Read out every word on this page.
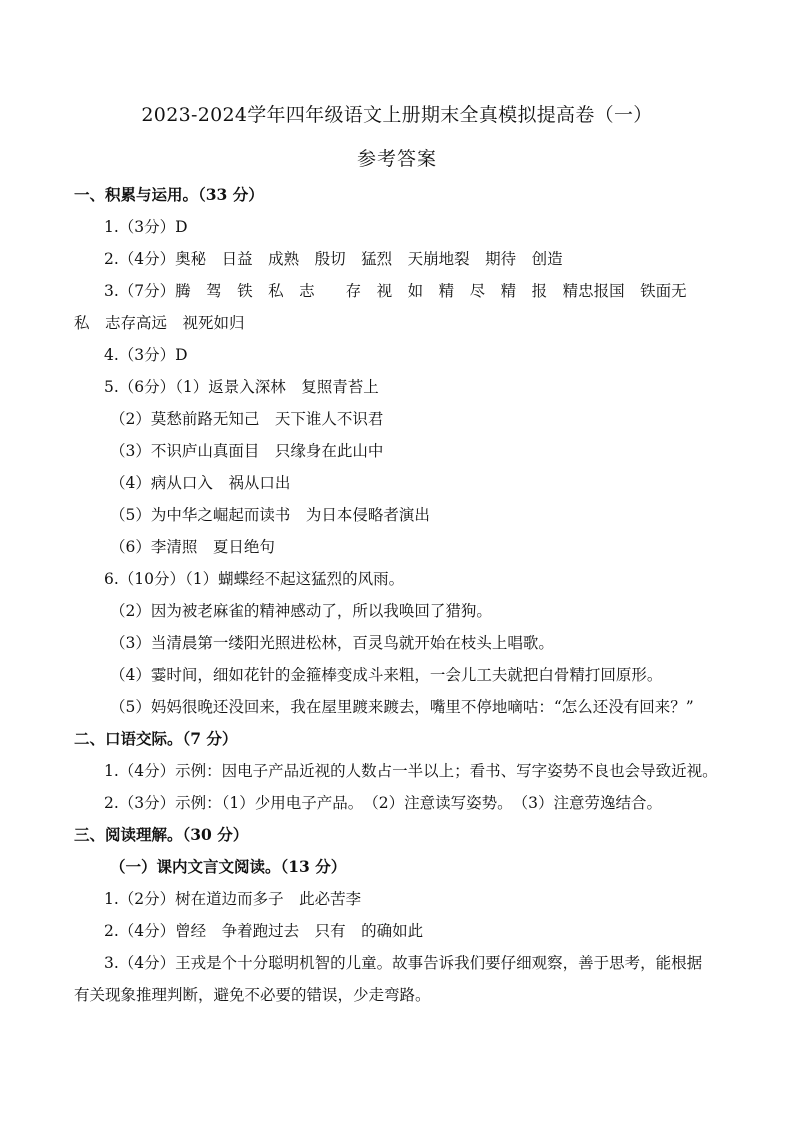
2023-2024学年四年级语文上册期末全真模拟提高卷（一）
参考答案
一、积累与运用。（33 分）
1.（3分）D
2.（4分）奥秘　日益　成熟　殷切　猛烈　天崩地裂　期待　创造
3.（7分）腾　驾　铁　私　志　　存　视　如　精　尽　精　报　精忠报国　铁面无
私　志存高远　视死如归
4.（3分）D
5.（6分）（1）返景入深林　复照青苔上
（2）莫愁前路无知己　天下谁人不识君
（3）不识庐山真面目　只缘身在此山中
（4）病从口入　祸从口出
（5）为中华之崛起而读书　为日本侵略者演出
（6）李清照　夏日绝句
6.（10分）（1）蝴蝶经不起这猛烈的风雨。
（2）因为被老麻雀的精神感动了，所以我唤回了猎狗。
（3）当清晨第一缕阳光照进松林，百灵鸟就开始在枝头上唱歌。
（4）霎时间，细如花针的金箍棒变成斗来粗，一会儿工夫就把白骨精打回原形。
（5）妈妈很晚还没回来，我在屋里踱来踱去，嘴里不停地嘀咕：“怎么还没有回来？”
二、口语交际。（7 分）
1.（4分）示例：因电子产品近视的人数占一半以上；看书、写字姿势不良也会导致近视。
2.（3分）示例：（1）少用电子产品。　（2）注意读写姿势。　（3）注意劳逸结合。
三、阅读理解。（30 分）
（一）课内文言文阅读。（13 分）
1.（2分）树在道边而多子　此必苦李
2.（4分）曾经　争着跑过去　只有　的确如此
3.（4分）王戎是个十分聪明机智的儿童。故事告诉我们要仔细观察，善于思考，能根据
有关现象推理判断，避免不必要的错误，少走弯路。
